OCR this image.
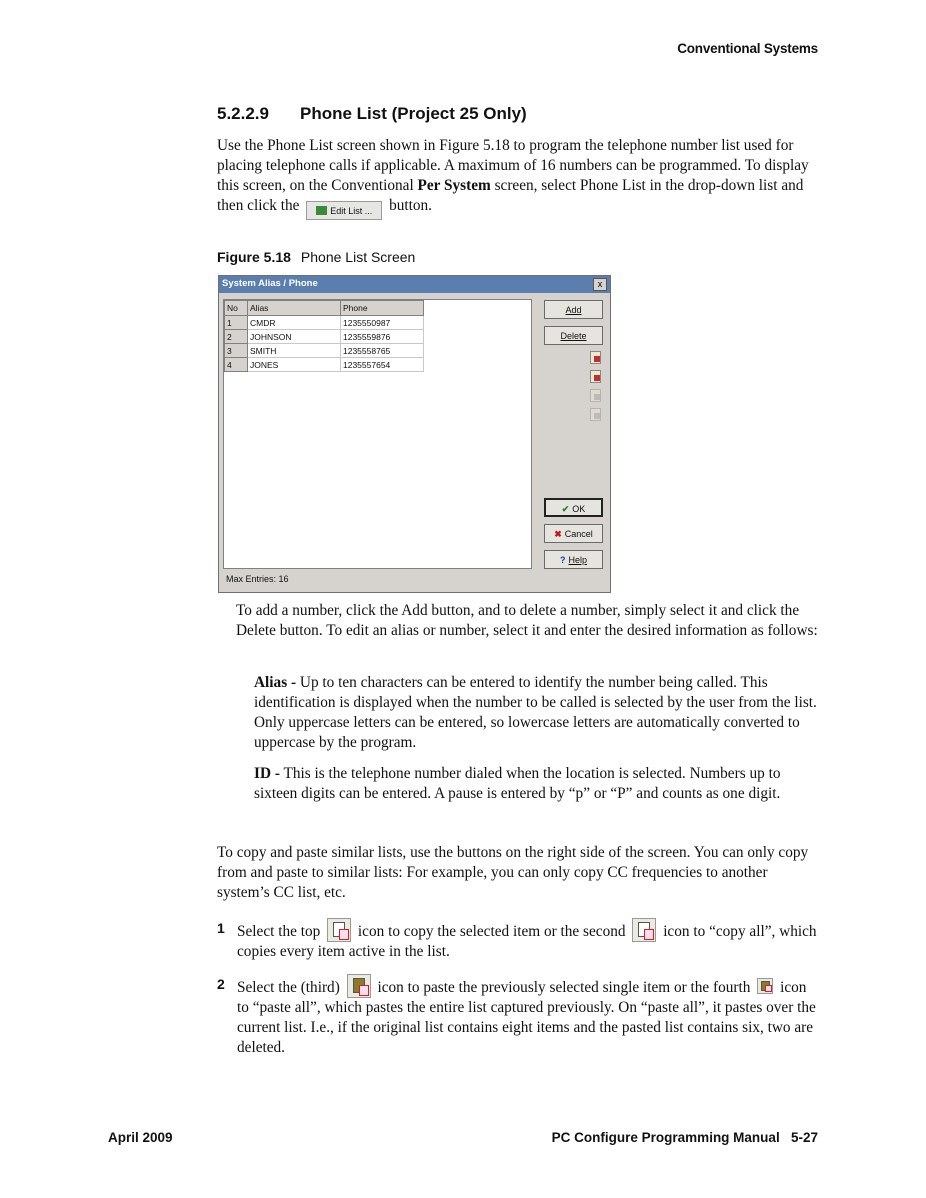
Conventional Systems
5.2.2.9 Phone List (Project 25 Only)
Use the Phone List screen shown in Figure 5.18 to program the telephone number list used for placing telephone calls if applicable. A maximum of 16 numbers can be programmed. To display this screen, on the Conventional Per System screen, select Phone List in the drop-down list and then click the	Edit List ... button.
Figure 5.18 Phone List Screen
System Alias / Phone	x
No	Alias	Phone
1	CMDR	1235550987
2	JOHNSON	1235559876
3	SMITH	1235558765
4	JONES	1235557654
Add
Delete
✔ OK
✖ Cancel
? Help
Max Entries: 16
To add a number, click the Add button, and to delete a number, simply select it and click the Delete button. To edit an alias or number, select it and enter the desired information as follows:
Alias - Up to ten characters can be entered to identify the number being called. This identification is displayed when the number to be called is selected by the user from the list. Only uppercase letters can be entered, so lowercase letters are automatically converted to uppercase by the program.
ID - This is the telephone number dialed when the location is selected. Numbers up to sixteen digits can be entered. A pause is entered by “p” or “P” and counts as one digit.
To copy and paste similar lists, use the buttons on the right side of the screen. You can only copy from and paste to similar lists: For example, you can only copy CC frequencies to another system’s CC list, etc.
1 Select the top icon to copy the selected item or the second icon to “copy all”, which copies every item active in the list.
2 Select the (third) icon to paste the previously selected single item or the fourth icon to “paste all”, which pastes the entire list captured previously. On “paste all”, it pastes over the current list. I.e., if the original list contains eight items and the pasted list contains six, two are deleted.
April 2009	PC Configure Programming Manual 5-27
